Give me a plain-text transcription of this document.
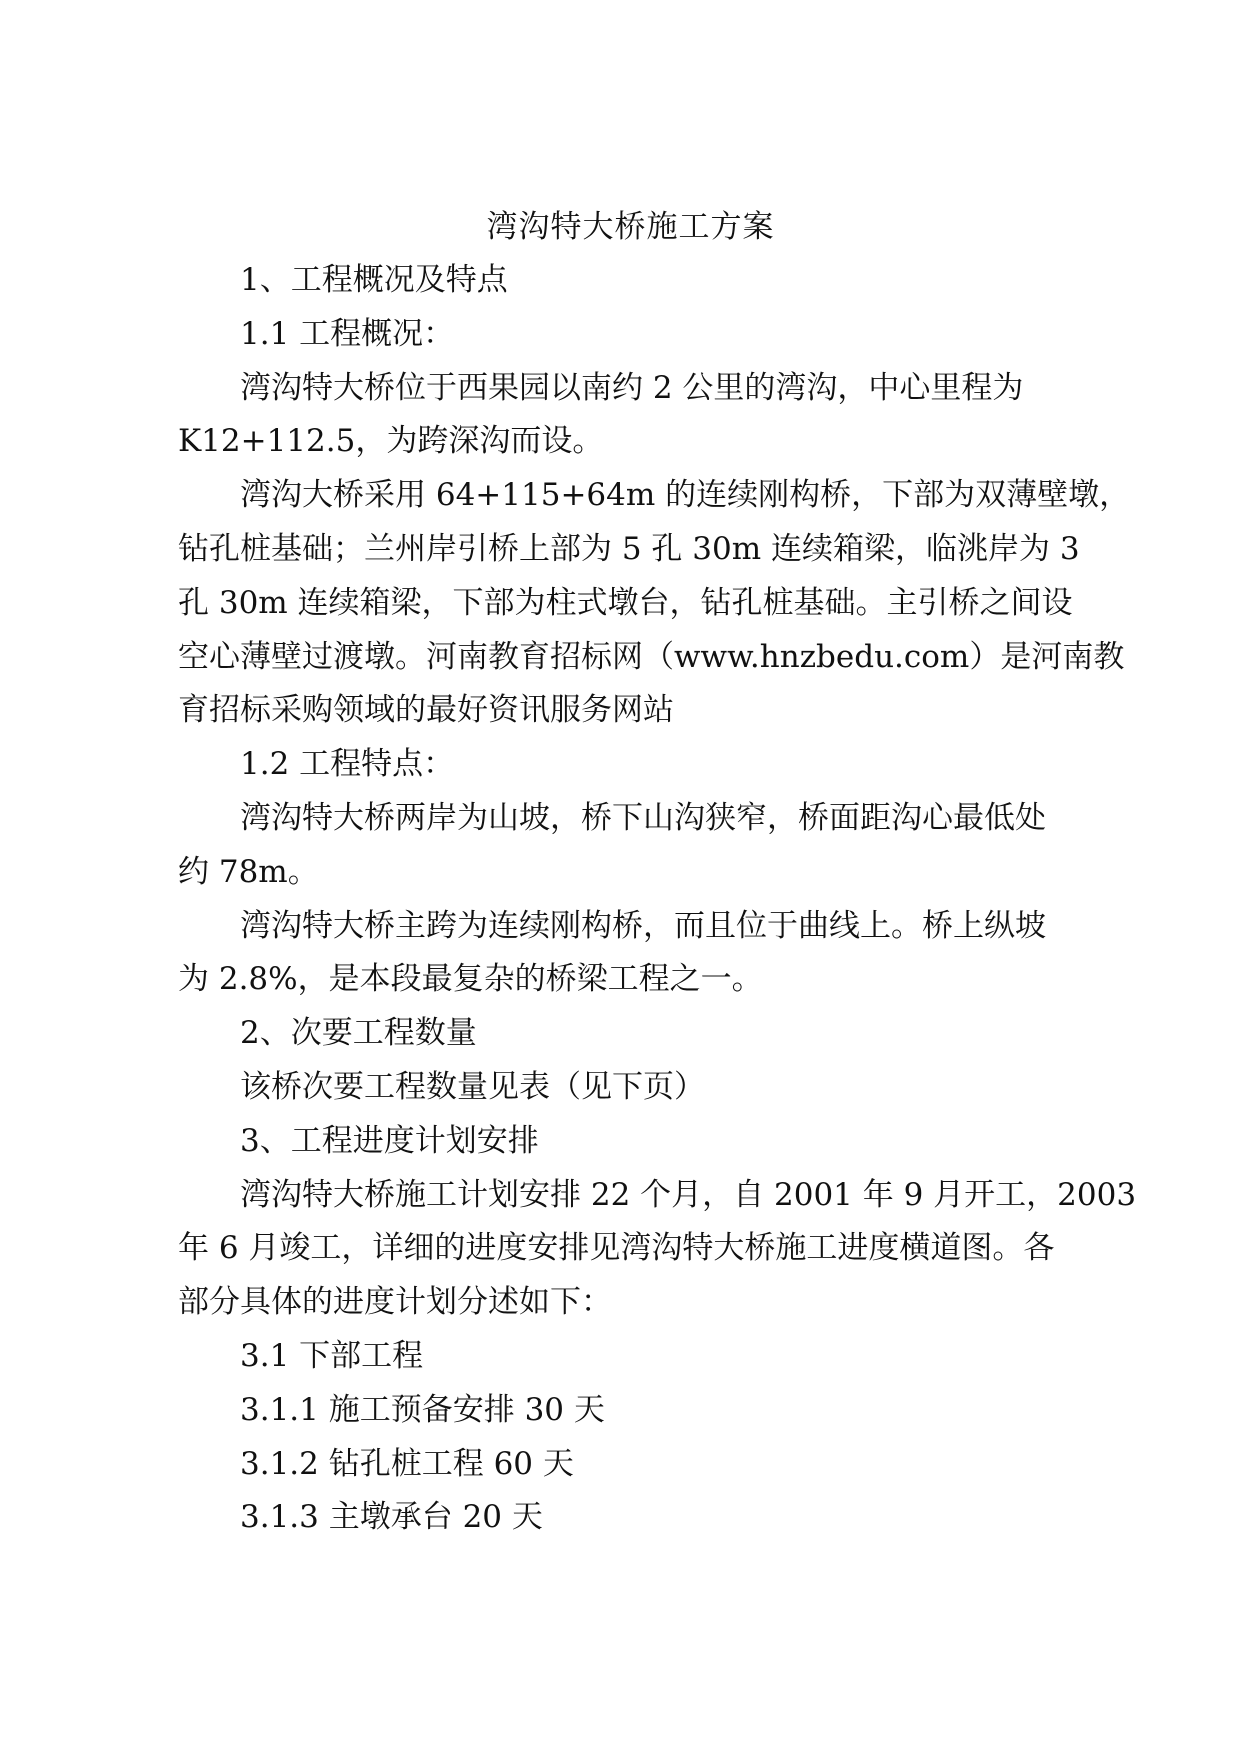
湾沟特大桥施工方案

1、工程概况及特点

1.1 工程概况：

湾沟特大桥位于西果园以南约 2 公里的湾沟，中心里程为

K12+112.5，为跨深沟而设。

湾沟大桥采用 64+115+64m 的连续刚构桥，下部为双薄壁墩，

钻孔桩基础；兰州岸引桥上部为 5 孔 30m 连续箱梁，临洮岸为 3

孔 30m 连续箱梁，下部为柱式墩台，钻孔桩基础。主引桥之间设

空心薄壁过渡墩。河南教育招标网（www.hnzbedu.com）是河南教

育招标采购领域的最好资讯服务网站

1.2 工程特点：

湾沟特大桥两岸为山坡，桥下山沟狭窄，桥面距沟心最低处

约 78m。

湾沟特大桥主跨为连续刚构桥，而且位于曲线上。桥上纵坡

为 2.8%，是本段最复杂的桥梁工程之一。

2、次要工程数量

该桥次要工程数量见表（见下页）

3、工程进度计划安排

湾沟特大桥施工计划安排 22 个月，自 2001 年 9 月开工，2003

年 6 月竣工，详细的进度安排见湾沟特大桥施工进度横道图。各

部分具体的进度计划分述如下：

3.1 下部工程

3.1.1 施工预备安排 30 天

3.1.2 钻孔桩工程 60 天

3.1.3 主墩承台 20 天
